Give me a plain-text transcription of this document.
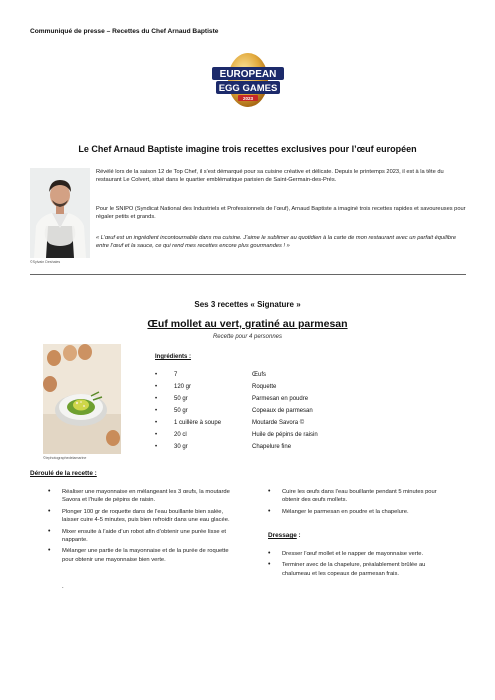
Communiqué de presse – Recettes du Chef Arnaud Baptiste
EUROPEAN
EGG GAMES
2023
Le Chef Arnaud Baptiste imagine trois recettes exclusives pour l’œuf européen
©Sylvain Deshaies

Révélé lors de la saison 12 de Top Chef, il s’est démarqué pour sa cuisine créative et délicate. Depuis le printemps 2023, il est à la tête du restaurant Le Colvert, situé dans le quartier emblématique parisien de Saint-Germain-des-Prés.

Pour le SNIPO (Syndicat National des Industriels et Professionnels de l’œuf), Arnaud Baptiste a imaginé trois recettes rapides et savoureuses pour régaler petits et grands.

« L’œuf est un ingrédient incontournable dans ma cuisine. J’aime le sublimer au quotidien à la carte de mon restaurant avec un parfait équilibre entre l’œuf et la sauce, ce qui rend mes recettes encore plus gourmandes ! »

Ses 3 recettes « Signature »
Œuf mollet au vert, gratiné au parmesan
Recette pour 4 personnes
©lephotographedelamarine
Ingrédients :
•	7	Œufs
•	120 gr	Roquette
•	50 gr	Parmesan en poudre
•	50 gr	Copeaux de parmesan
•	1 cuillère à soupe	Moutarde Savora ©
•	20 cl	Huile de pépins de raisin
•	30 gr	Chapelure fine
Déroulé de la recette :
• Réaliser une mayonnaise en mélangeant les 3 œufs, la moutarde Savora et l’huile de pépins de raisin.
• Plonger 100 gr de roquette dans de l’eau bouillante bien salée, laisser cuire 4-5 minutes, puis bien refroidir dans une eau glacée.
• Mixer ensuite à l’aide d’un robot afin d’obtenir une purée lisse et nappante.
• Mélanger une partie de la mayonnaise et de la purée de roquette pour obtenir une mayonnaise bien verte.
.
• Cuire les œufs dans l’eau bouillante pendant 5 minutes pour obtenir des œufs mollets.
• Mélanger le parmesan en poudre et la chapelure.
Dressage :
• Dresser l’œuf mollet et le napper de mayonnaise verte.
• Terminer avec de la chapelure, préalablement brûlée au chalumeau et les copeaux de parmesan frais.
